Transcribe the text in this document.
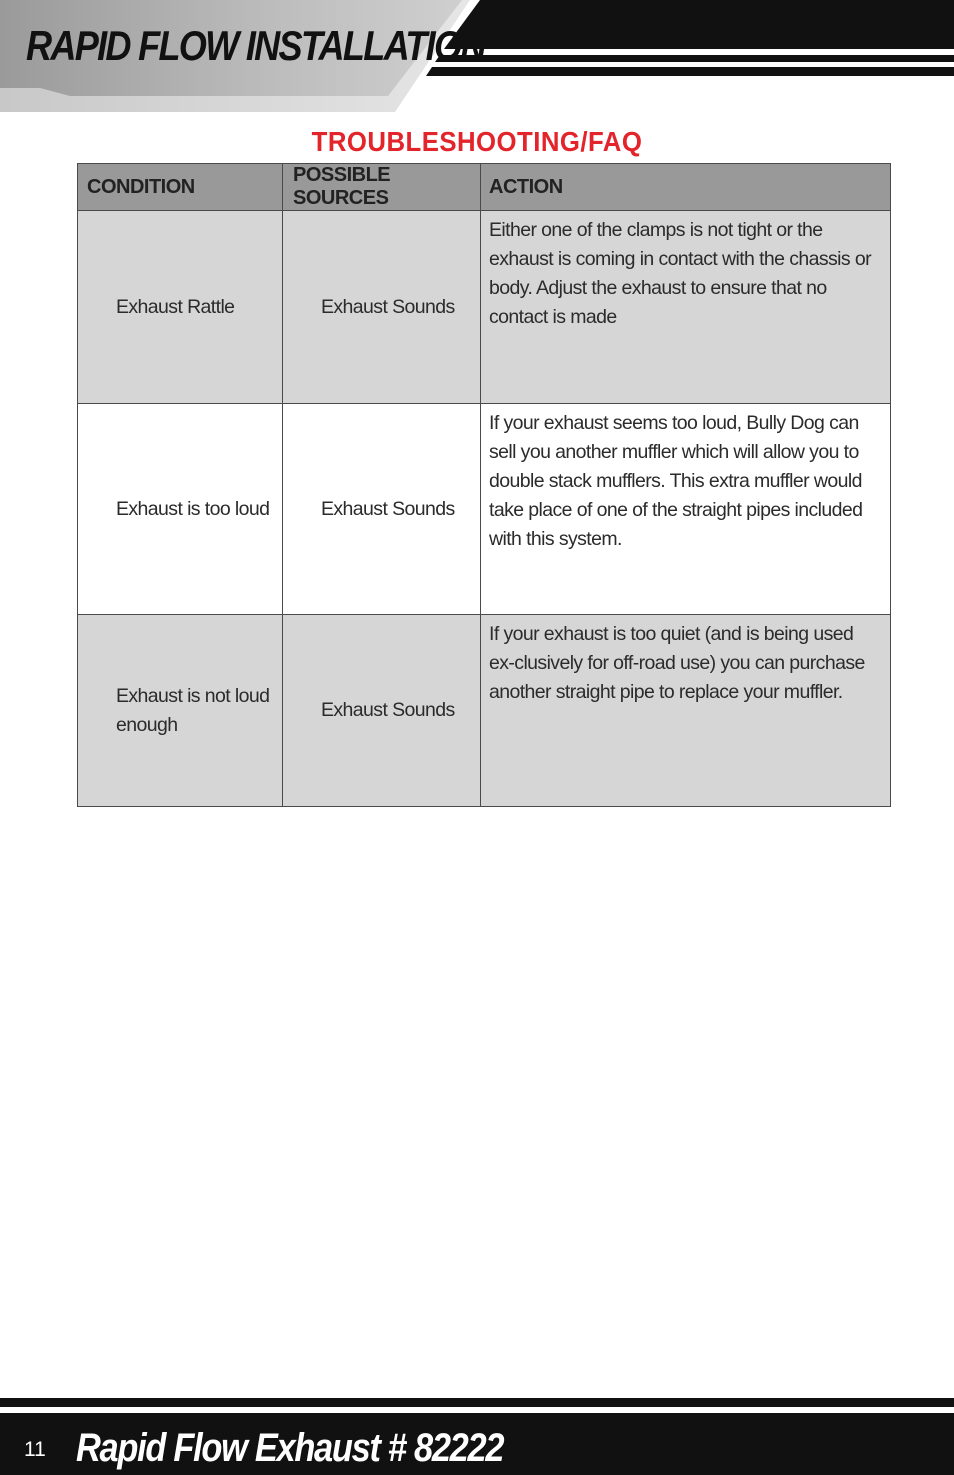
RAPID FLOW INSTALLATION
TROUBLESHOOTING/FAQ
CONDITION	POSSIBLE SOURCES	ACTION
Exhaust Rattle	Exhaust Sounds	Either one of the clamps is not tight or the exhaust is coming in contact with the chassis or body. Adjust the exhaust to ensure that no contact is made
Exhaust is too loud	Exhaust Sounds	If your exhaust seems too loud, Bully Dog can sell you another muffler which will allow you to double stack mufflers. This extra muffler would take place of one of the straight pipes included with this system.
Exhaust is not loud enough	Exhaust Sounds	If your exhaust is too quiet (and is being used ex-clusively for off-road use) you can purchase another straight pipe to replace your muffler.
11 Rapid Flow Exhaust # 82222
